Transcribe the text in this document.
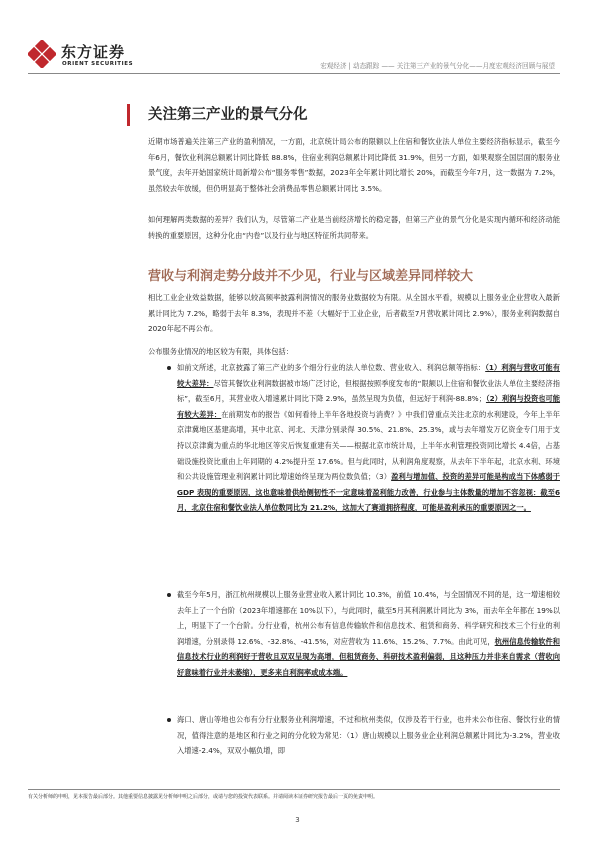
东方证券
ORIENT SECURITIES	宏观经济 | 动态跟踪 —— 关注第三产业的景气分化——月度宏观经济回顾与展望
关注第三产业的景气分化

近期市场普遍关注第三产业的盈利情况，一方面，北京统计局公布的限额以上住宿和餐饮业法人单位主要经济指标显示，截至今年6月，餐饮业利润总额累计同比降低 88.8%，住宿业利润总额累计同比降低 31.9%，但另一方面，如果观察全国层面的服务业景气度，去年开始国家统计局新增公布“服务零售”数据，2023年全年累计同比增长 20%，而截至今年7月，这一数据为 7.2%，虽然较去年放缓，但仍明显高于整体社会消费品零售总额累计同比 3.5%。

如何理解两类数据的差异？我们认为，尽管第二产业是当前经济增长的稳定器，但第三产业的景气分化是实现内循环和经济动能转换的重要原因，这种分化由“内卷”以及行业与地区特征所共同带来。

营收与利润走势分歧并不少见，行业与区域差异同样较大

相比工业企业效益数据，能够以较高频率披露利润情况的服务业数据较为有限。从全国水平看，规模以上服务业企业营收入最新累计同比为 7.2%，略弱于去年 8.3%，表现并不差（大幅好于工业企业，后者截至7月营收累计同比 2.9%），服务业利润数据自2020年起不再公布。

公布服务业情况的地区较为有限，具体包括：

如前文所述，北京披露了第三产业的多个细分行业的法人单位数、营业收入、利润总额等指标：（1）利润与营收可能有较大差异：尽管其餐饮业利润数据被市场广泛讨论，但根据按照季度发布的“限额以上住宿和餐饮业法人单位主要经济指标”，截至6月，其营业收入增速累计同比下降 2.9%，虽然呈现为负值，但远好于利润-88.8%；（2）利润与投资也可能有较大差异：在前期发布的报告《如何看待上半年各地投资与消费？》中我们曾重点关注北京的水利建设，今年上半年京津冀地区基建高增，其中北京、河北、天津分别录得 30.5%、21.8%、25.3%，或与去年增发万亿资金专门用于支持以京津冀为重点的华北地区等灾后恢复重建有关——根据北京市统计局，上半年水利管理投资同比增长 4.4倍，占基础设施投资比重由上年同期的 4.2%提升至 17.6%。但与此同时，从利润角度观察，从去年下半年起，北京水利、环境和公共设施管理业利润累计同比增速始终呈现为两位数负值；（3）盈利与增加值、投资的差异可能是构成当下体感弱于 GDP 表现的重要原因，这也意味着供给侧韧性不一定意味着盈利能力改善，行业参与主体数量的增加不容忽视：截至6月，北京住宿和餐饮业法人单位数同比为 21.2%，这加大了赛道拥挤程度，可能是盈利承压的重要原因之一。

截至今年5月，浙江杭州规模以上服务业营业收入累计同比 10.3%，前值 10.4%，与全国情况不同的是，这一增速相较去年上了一个台阶（2023年增速都在 10%以下），与此同时，截至5月其利润累计同比为 3%，而去年全年都在 19%以上，明显下了一个台阶。分行业看，杭州公布有信息传输软件和信息技术、租赁和商务、科学研究和技术三个行业的利润增速，分别录得 12.6%、-32.8%、-41.5%，对应营收为 11.6%、15.2%、7.7%。由此可见，杭州信息传输软件和信息技术行业的利润好于营收且双双呈现为高增，但租赁商务、科研技术盈利偏弱，且这种压力并非来自需求（营收向好意味着行业并未萎缩），更多来自利润率或成本端。

海口、唐山等地也公布有分行业服务业利润增速，不过和杭州类似，仅涉及若干行业，也并未公布住宿、餐饮行业的情况，值得注意的是地区和行业之间的分化较为常见：（1）唐山规模以上服务业企业利润总额累计同比为-3.2%，营业收入增速-2.4%，双双小幅负增，即

有关分析师的申明，见本报告最后部分。其他重要信息披露见分析师申明之后部分，或请与您的投资代表联系。并请阅读本证券研究报告最后一页的免责申明。
3
